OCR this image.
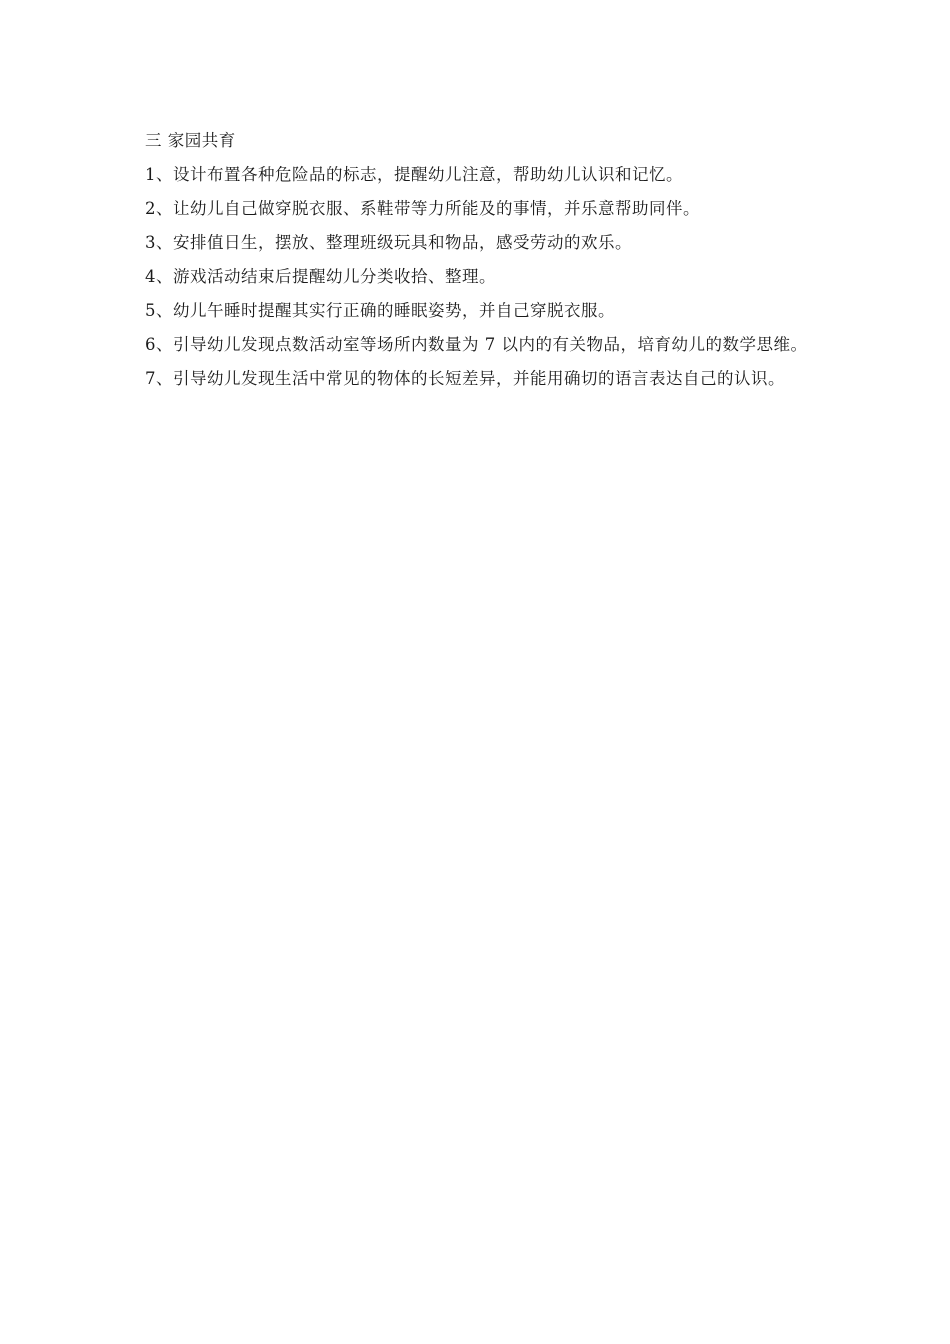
三 家园共育

1、设计布置各种危险品的标志，提醒幼儿注意，帮助幼儿认识和记忆。

2、让幼儿自己做穿脱衣服、系鞋带等力所能及的事情，并乐意帮助同伴。

3、安排值日生，摆放、整理班级玩具和物品，感受劳动的欢乐。

4、游戏活动结束后提醒幼儿分类收拾、整理。

5、幼儿午睡时提醒其实行正确的睡眠姿势，并自己穿脱衣服。

6、引导幼儿发现点数活动室等场所内数量为 7 以内的有关物品，培育幼儿的数学思维。

7、引导幼儿发现生活中常见的物体的长短差异，并能用确切的语言表达自己的认识。
